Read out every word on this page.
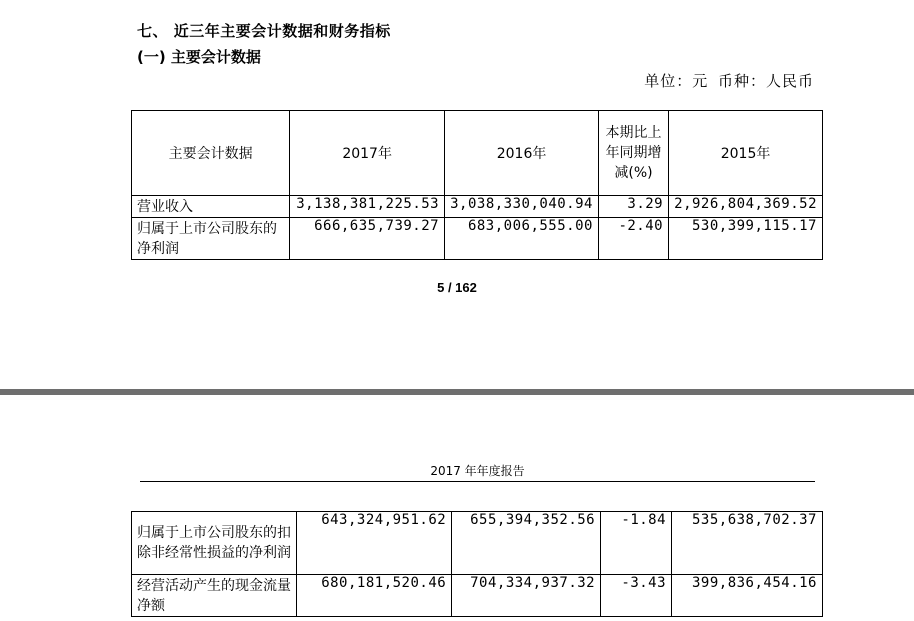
七、 近三年主要会计数据和财务指标
(一) 主要会计数据
单位：元 币种：人民币
主要会计数据	2017年	2016年	本期比上年同期增减(%)	2015年
营业收入	3,138,381,225.53	3,038,330,040.94	3.29	2,926,804,369.52
归属于上市公司股东的净利润	666,635,739.27	683,006,555.00	-2.40	530,399,115.17
5 / 162
2017 年年度报告
归属于上市公司股东的扣除非经常性损益的净利润	643,324,951.62	655,394,352.56	-1.84	535,638,702.37
经营活动产生的现金流量净额	680,181,520.46	704,334,937.32	-3.43	399,836,454.16
